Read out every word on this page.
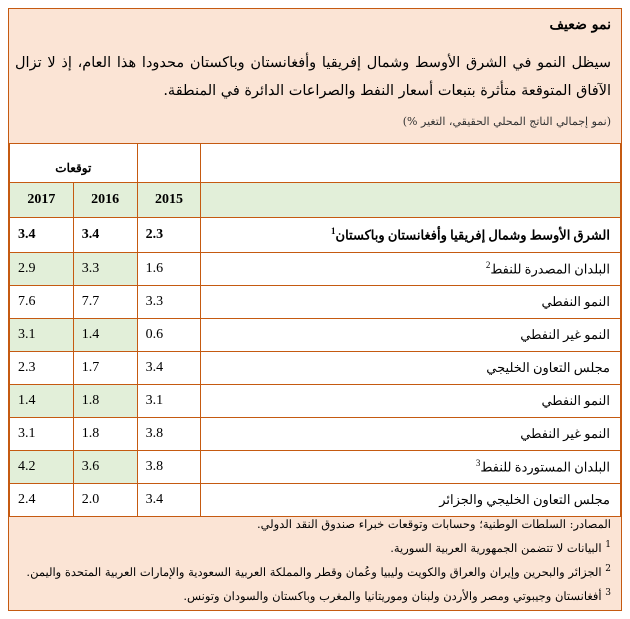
نمو ضعيف
سيظل النمو في الشرق الأوسط وشمال إفريقيا وأفغانستان وباكستان محدودا هذا العام، إذ لا تزال الآفاق المتوقعة متأثرة بتبعات أسعار النفط والصراعات الدائرة في المنطقة.
(نمو إجمالي الناتج المحلي الحقيقي، التغير %)
		توقعات	
	2015	2016	2017
الشرق الأوسط وشمال إفريقيا وأفغانستان وباكستان$^1$	2.3	3.4	3.4
البلدان المصدرة للنفط$^2$	1.6	3.3	2.9
النمو النفطي	3.3	7.7	7.6
النمو غير النفطي	0.6	1.4	3.1
مجلس التعاون الخليجي	3.4	1.7	2.3
النمو النفطي	3.1	1.8	1.4
النمو غير النفطي	3.8	1.8	3.1
البلدان المستوردة للنفط$^3$	3.8	3.6	4.2
مجلس التعاون الخليجي والجزائر	3.4	2.0	2.4
المصادر: السلطات الوطنية؛ وحسابات وتوقعات خبراء صندوق النقد الدولي.
$^1$ البيانات لا تتضمن الجمهورية العربية السورية.
$^2$ الجزائر والبحرين وإيران والعراق والكويت وليبيا وعُمان وقطر والمملكة العربية السعودية والإمارات العربية المتحدة واليمن.
$^3$ أفغانستان وجيبوتي ومصر والأردن ولبنان وموريتانيا والمغرب وباكستان والسودان وتونس.
